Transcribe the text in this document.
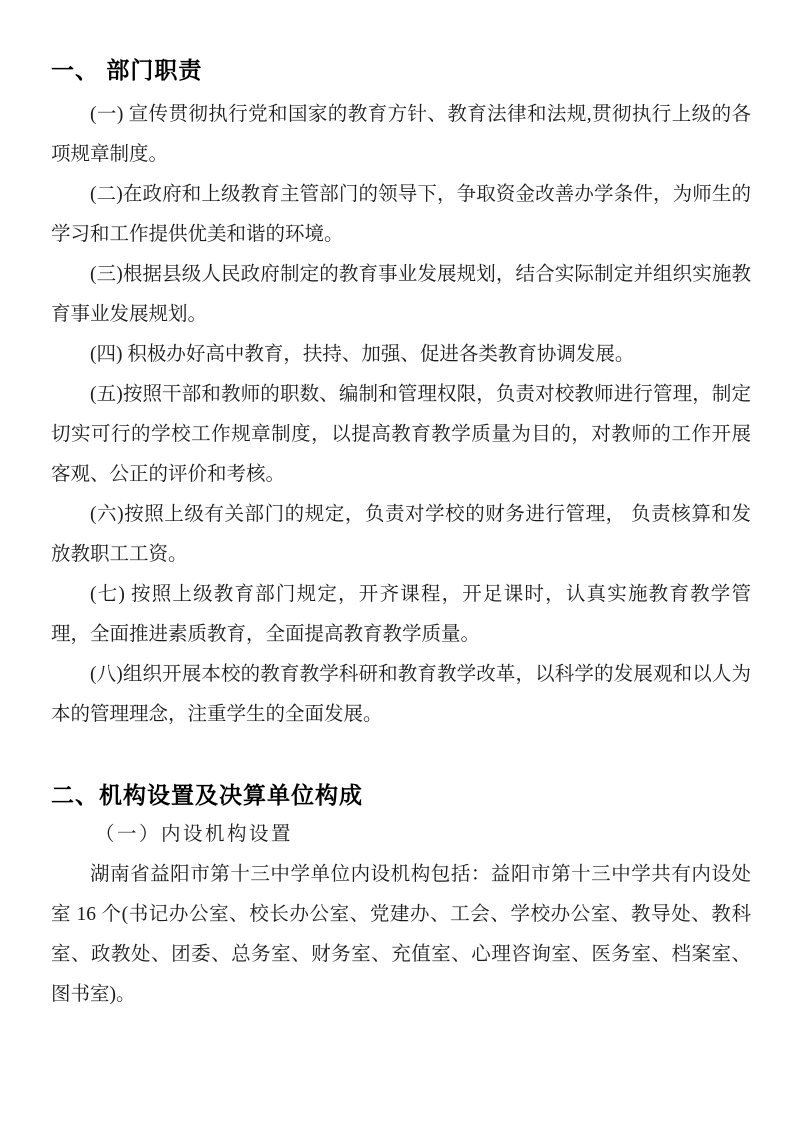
一、 部门职责

(一) 宣传贯彻执行党和国家的教育方针、教育法律和法规,贯彻执行上级的各项规章制度。

(二)在政府和上级教育主管部门的领导下，争取资金改善办学条件，为师生的学习和工作提供优美和谐的环境。

(三)根据县级人民政府制定的教育事业发展规划，结合实际制定并组织实施教育事业发展规划。

(四) 积极办好高中教育，扶持、加强、促进各类教育协调发展。

(五)按照干部和教师的职数、编制和管理权限，负责对校教师进行管理，制定切实可行的学校工作规章制度，以提高教育教学质量为目的，对教师的工作开展客观、公正的评价和考核。

(六)按照上级有关部门的规定，负责对学校的财务进行管理， 负责核算和发放教职工工资。

(七) 按照上级教育部门规定，开齐课程，开足课时，认真实施教育教学管理，全面推进素质教育，全面提高教育教学质量。

(八)组织开展本校的教育教学科研和教育教学改革，以科学的发展观和以人为本的管理理念，注重学生的全面发展。

二、机构设置及决算单位构成
（一）内设机构设置

湖南省益阳市第十三中学单位内设机构包括：益阳市第十三中学共有内设处室 16 个(书记办公室、校长办公室、党建办、工会、学校办公室、教导处、教科室、政教处、团委、总务室、财务室、充值室、心理咨询室、医务室、档案室、图书室)。
